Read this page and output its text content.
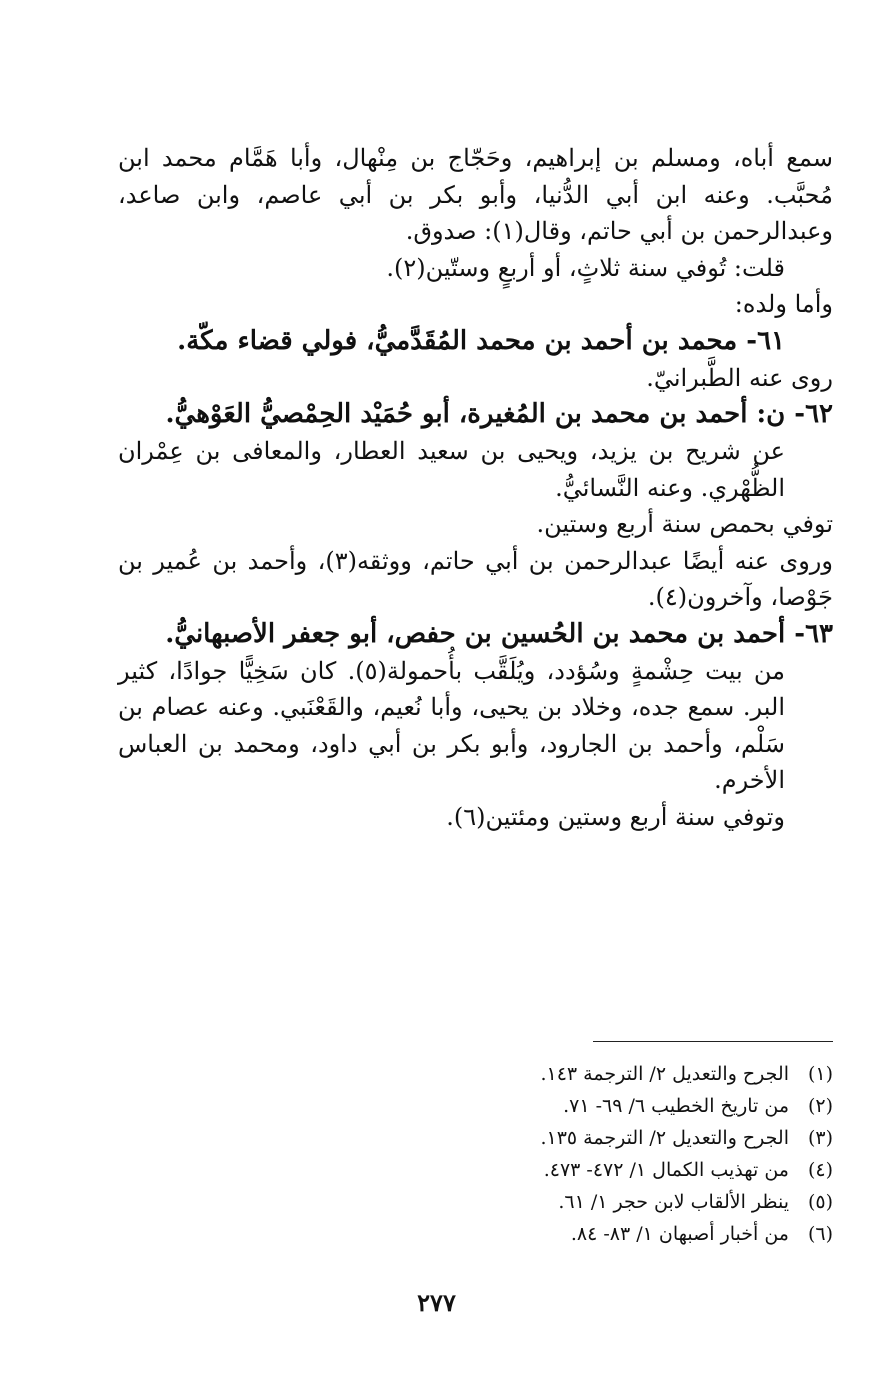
سمع أباه، ومسلم بن إبراهيم، وحَجّاج بن مِنْهال، وأبا هَمَّام محمد ابن مُحبَّب. وعنه ابن أبي الدُّنيا، وأبو بكر بن أبي عاصم، وابن صاعد، وعبدالرحمن بن أبي حاتم، وقال(١): صدوق.

قلت: تُوفي سنة ثلاثٍ، أو أربعٍ وستّين(٢).

وأما ولده:

٦١- محمد بن أحمد بن محمد المُقَدَّميُّ، فولي قضاء مكّة.

روى عنه الطَّبرانيّ.

٦٢- ن: أحمد بن محمد بن المُغيرة، أبو حُمَيْد الحِمْصيُّ العَوْهيُّ.

عن شريح بن يزيد، ويحيى بن سعيد العطار، والمعافى بن عِمْران الظُّهْري. وعنه النَّسائيُّ.

توفي بحمص سنة أربع وستين.

وروى عنه أيضًا عبدالرحمن بن أبي حاتم، ووثقه(٣)، وأحمد بن عُمير بن جَوْصا، وآخرون(٤).

٦٣- أحمد بن محمد بن الحُسين بن حفص، أبو جعفر الأصبهانيُّ.

من بيت حِشْمةٍ وسُؤدد، ويُلَقَّب بأُحمولة(٥). كان سَخِيًّا جوادًا، كثير البر. سمع جده، وخلاد بن يحيى، وأبا نُعيم، والقَعْنَبي. وعنه عصام بن سَلْم، وأحمد بن الجارود، وأبو بكر بن أبي داود، ومحمد بن العباس الأخرم.

وتوفي سنة أربع وستين ومئتين(٦).

(١)الجرح والتعديل ٢/ الترجمة ١٤٣.
(٢)من تاريخ الخطيب ٦/ ٦٩- ٧١.
(٣)الجرح والتعديل ٢/ الترجمة ١٣٥.
(٤)من تهذيب الكمال ١/ ٤٧٢- ٤٧٣.
(٥)ينظر الألقاب لابن حجر ١/ ٦١.
(٦)من أخبار أصبهان ١/ ٨٣- ٨٤.
٢٧٧
